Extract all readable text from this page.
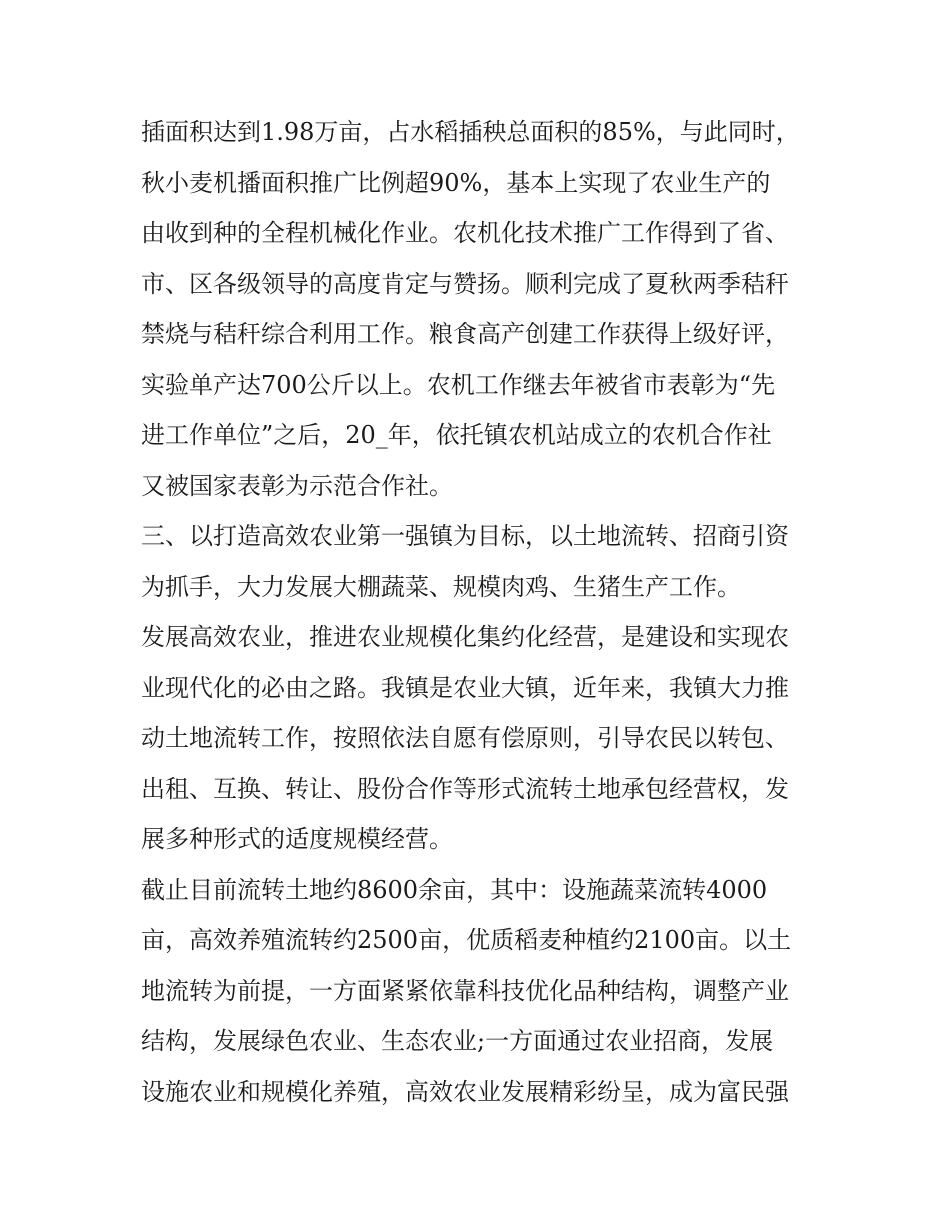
插面积达到1.98万亩，占水稻插秧总面积的85%，与此同时，
秋小麦机播面积推广比例超90%，基本上实现了农业生产的
由收到种的全程机械化作业。农机化技术推广工作得到了省、
市、区各级领导的高度肯定与赞扬。顺利完成了夏秋两季秸秆
禁烧与秸秆综合利用工作。粮食高产创建工作获得上级好评，
实验单产达700公斤以上。农机工作继去年被省市表彰为“先
进工作单位”之后，20_年，依托镇农机站成立的农机合作社
又被国家表彰为示范合作社。
三、以打造高效农业第一强镇为目标，以土地流转、招商引资
为抓手，大力发展大棚蔬菜、规模肉鸡、生猪生产工作。
发展高效农业，推进农业规模化集约化经营，是建设和实现农
业现代化的必由之路。我镇是农业大镇，近年来，我镇大力推
动土地流转工作，按照依法自愿有偿原则，引导农民以转包、
出租、互换、转让、股份合作等形式流转土地承包经营权，发
展多种形式的适度规模经营。
截止目前流转土地约8600余亩，其中：设施蔬菜流转4000
亩，高效养殖流转约2500亩，优质稻麦种植约2100亩。以土
地流转为前提，一方面紧紧依靠科技优化品种结构，调整产业
结构，发展绿色农业、生态农业;一方面通过农业招商，发展
设施农业和规模化养殖，高效农业发展精彩纷呈，成为富民强
